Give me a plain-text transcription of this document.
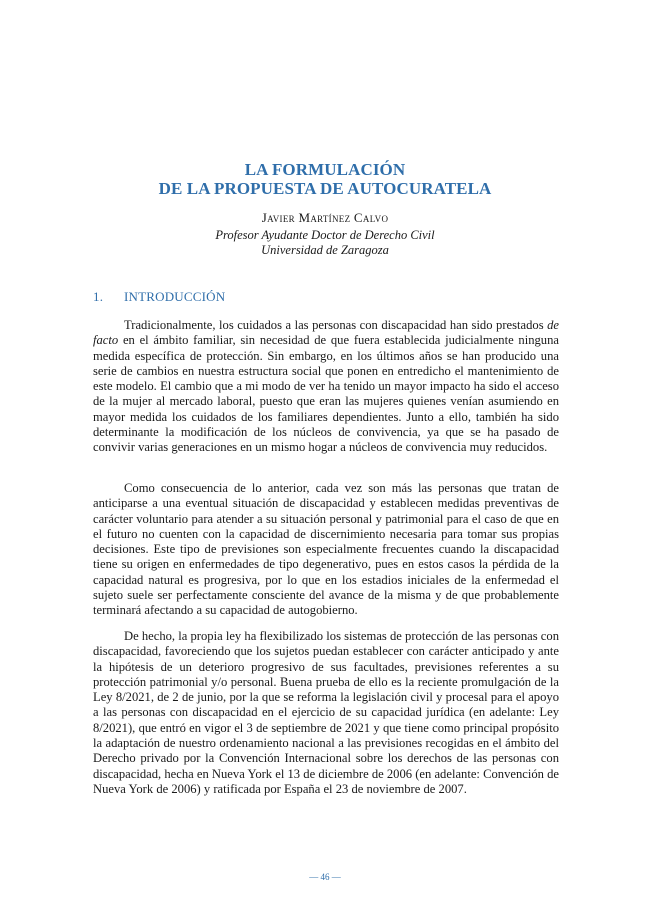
LA FORMULACIÓN
DE LA PROPUESTA DE AUTOCURATELA
Javier Martínez Calvo
Profesor Ayudante Doctor de Derecho Civil
Universidad de Zaragoza
1. INTRODUCCIÓN

Tradicionalmente, los cuidados a las personas con discapacidad han sido prestados de facto en el ámbito familiar, sin necesidad de que fuera establecida judicialmente ninguna medida específica de protección. Sin embargo, en los últimos años se han producido una serie de cambios en nuestra estructura social que ponen en entredicho el mantenimiento de este modelo. El cambio que a mi modo de ver ha tenido un mayor impacto ha sido el acceso de la mujer al mercado laboral, puesto que eran las mujeres quienes venían asumiendo en mayor medida los cuidados de los familiares dependientes. Junto a ello, también ha sido determinante la modificación de los núcleos de convivencia, ya que se ha pasado de convivir varias generaciones en un mismo hogar a núcleos de convivencia muy reducidos.

Como consecuencia de lo anterior, cada vez son más las personas que tratan de anticiparse a una eventual situación de discapacidad y establecen medidas preventivas de carácter voluntario para atender a su situación personal y patrimonial para el caso de que en el futuro no cuenten con la capacidad de discernimiento necesaria para tomar sus propias decisiones. Este tipo de previsiones son especialmente frecuentes cuando la discapacidad tiene su origen en enfermedades de tipo degenerativo, pues en estos casos la pérdida de la capacidad natural es progresiva, por lo que en los estadios iniciales de la enfermedad el sujeto suele ser perfectamente consciente del avance de la misma y de que probablemente terminará afectando a su capacidad de autogobierno.

De hecho, la propia ley ha flexibilizado los sistemas de protección de las personas con discapacidad, favoreciendo que los sujetos puedan establecer con carácter anticipado y ante la hipótesis de un deterioro progresivo de sus facultades, previsiones referentes a su protección patrimonial y/o personal. Buena prueba de ello es la reciente promulgación de la Ley 8/2021, de 2 de junio, por la que se reforma la legislación civil y procesal para el apoyo a las personas con discapacidad en el ejercicio de su capacidad jurídica (en adelante: Ley 8/2021), que entró en vigor el 3 de septiembre de 2021 y que tiene como principal propósito la adaptación de nuestro ordenamiento nacional a las previsiones recogidas en el ámbito del Derecho privado por la Convención Internacional sobre los derechos de las personas con discapacidad, hecha en Nueva York el 13 de diciembre de 2006 (en adelante: Convención de Nueva York de 2006) y ratificada por España el 23 de noviembre de 2007.

— 46 —
